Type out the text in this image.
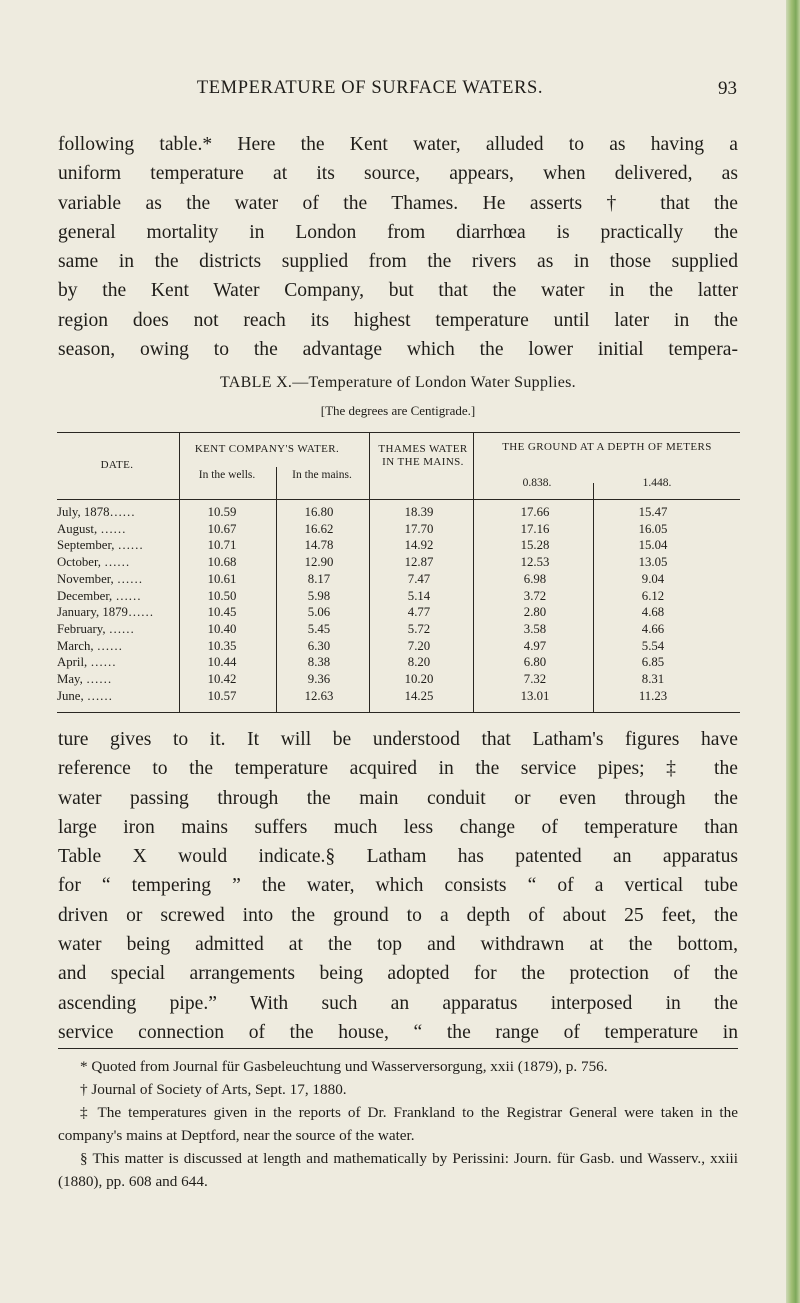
TEMPERATURE OF SURFACE WATERS.	93
following table.* Here the Kent water, alluded to as having a
uniform temperature at its source, appears, when delivered, as
variable as the water of the Thames. He asserts † that the
general mortality in London from diarrhœa is practically the
same in the districts supplied from the rivers as in those supplied
by the Kent Water Company, but that the water in the latter
region does not reach its highest temperature until later in the
season, owing to the advantage which the lower initial tempera-
TABLE X.—Temperature of London Water Supplies.
[The degrees are Centigrade.]
DATE.
KENT COMPANY'S WATER.
In the wells.	In the mains.
THAMES WATER IN THE MAINS.
THE GROUND AT A DEPTH OF METERS
0.838.	1.448.
July, 1878……	10.59	16.80	18.39	17.66	15.47
August, ……	10.67	16.62	17.70	17.16	16.05
September, ……	10.71	14.78	14.92	15.28	15.04
October, ……	10.68	12.90	12.87	12.53	13.05
November, ……	10.61	8.17	7.47	6.98	9.04
December, ……	10.50	5.98	5.14	3.72	6.12
January, 1879……	10.45	5.06	4.77	2.80	4.68
February, ……	10.40	5.45	5.72	3.58	4.66
March, ……	10.35	6.30	7.20	4.97	5.54
April, ……	10.44	8.38	8.20	6.80	6.85
May, ……	10.42	9.36	10.20	7.32	8.31
June, ……	10.57	12.63	14.25	13.01	11.23
ture gives to it. It will be understood that Latham's figures have
reference to the temperature acquired in the service pipes; ‡ the
water passing through the main conduit or even through the
large iron mains suffers much less change of temperature than
Table X would indicate.§ Latham has patented an apparatus
for “ tempering ” the water, which consists “ of a vertical tube
driven or screwed into the ground to a depth of about 25 feet, the
water being admitted at the top and withdrawn at the bottom,
and special arrangements being adopted for the protection of the
ascending pipe.” With such an apparatus interposed in the
service connection of the house, “ the range of temperature in
* Quoted from Journal für Gasbeleuchtung und Wasserversorgung, xxii (1879), p. 756.
† Journal of Society of Arts, Sept. 17, 1880.
‡ The temperatures given in the reports of Dr. Frankland to the Registrar General were taken in the company's mains at Deptford, near the source of the water.
§ This matter is discussed at length and mathematically by Perissini: Journ. für Gasb. und Wasserv., xxiii (1880), pp. 608 and 644.
